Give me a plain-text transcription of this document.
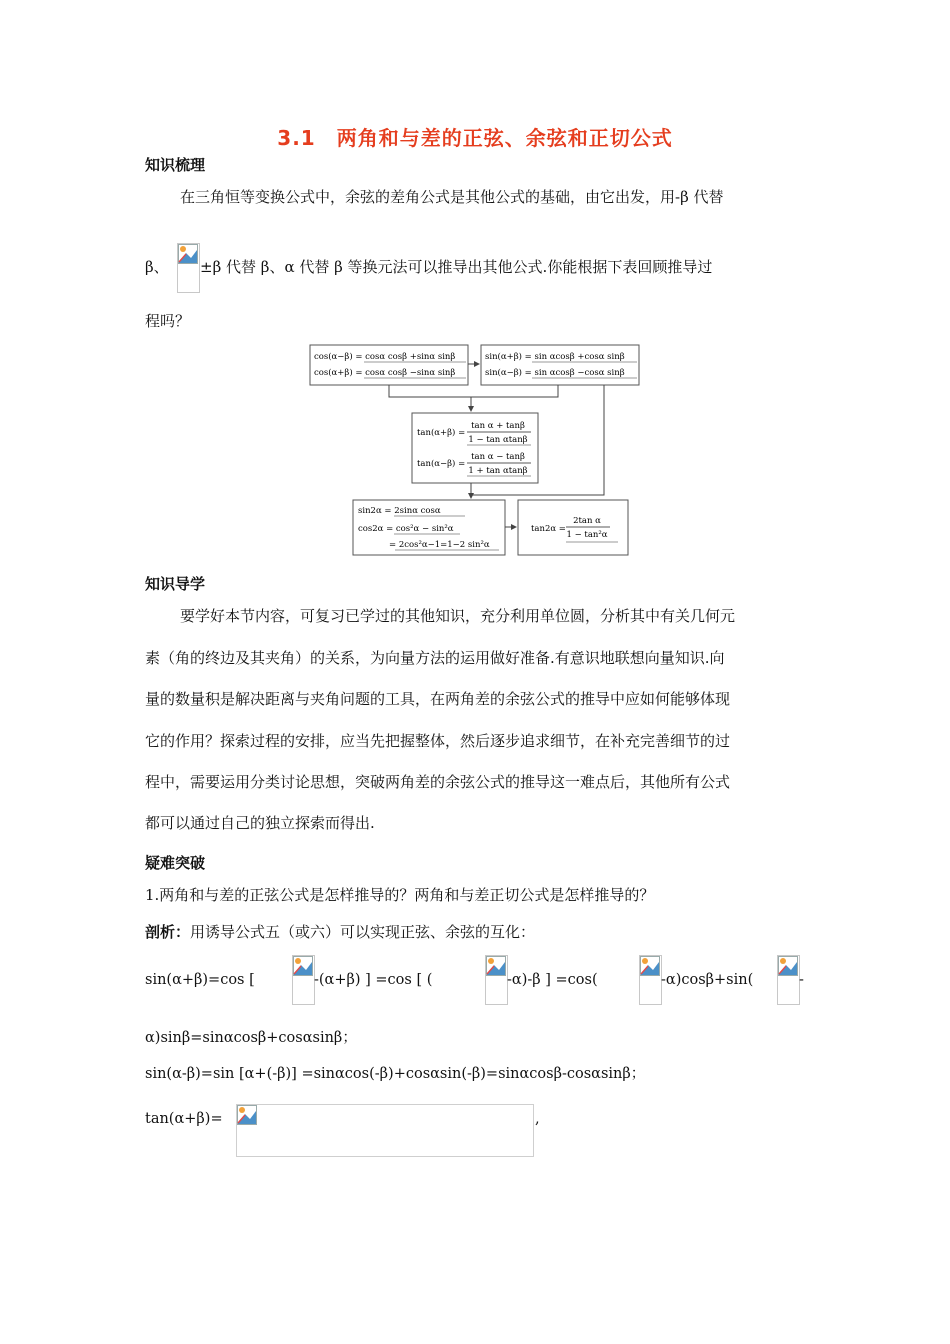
3.1　两角和与差的正弦、余弦和正切公式
知识梳理
在三角恒等变换公式中，余弦的差角公式是其他公式的基础，由它出发，用-β 代替
β、 ±β 代替 β、α 代替 β 等换元法可以推导出其他公式.你能根据下表回顾推导过
程吗？
cos(α−β) = cosα cosβ +sinα sinβ
cos(α+β) = cosα cosβ −sinα sinβ
sin(α+β) = sin αcosβ +cosα sinβ
sin(α−β) = sin αcosβ −cosα sinβ
tan(α+β) =
tan α + tanβ
1 − tan αtanβ
tan(α−β) =
tan α − tanβ
1 + tan αtanβ
sin2α = 2sinα cosα
cos2α = cos²α − sin²α
= 2cos²α−1=1−2 sin²α
tan2α =
2tan α
1 − tan²α
知识导学
要学好本节内容，可复习已学过的其他知识，充分利用单位圆，分析其中有关几何元
素（角的终边及其夹角）的关系，为向量方法的运用做好准备.有意识地联想向量知识.向
量的数量积是解决距离与夹角问题的工具，在两角差的余弦公式的推导中应如何能够体现
它的作用？探索过程的安排，应当先把握整体，然后逐步追求细节，在补充完善细节的过
程中，需要运用分类讨论思想，突破两角差的余弦公式的推导这一难点后，其他所有公式
都可以通过自己的独立探索而得出.
疑难突破
1.两角和与差的正弦公式是怎样推导的？两角和与差正切公式是怎样推导的？
剖析：用诱导公式五（或六）可以实现正弦、余弦的互化：
sin(α+β)=cos [	-(α+β) ] =cos [ (	-α)-β ] =cos(	-α)cosβ+sin(	-
α)sinβ=sinαcosβ+cosαsinβ；
sin(α-β)=sin [α+(-β)] =sinαcos(-β)+cosαsin(-β)=sinαcosβ-cosαsinβ；
tan(α+β)=	,
